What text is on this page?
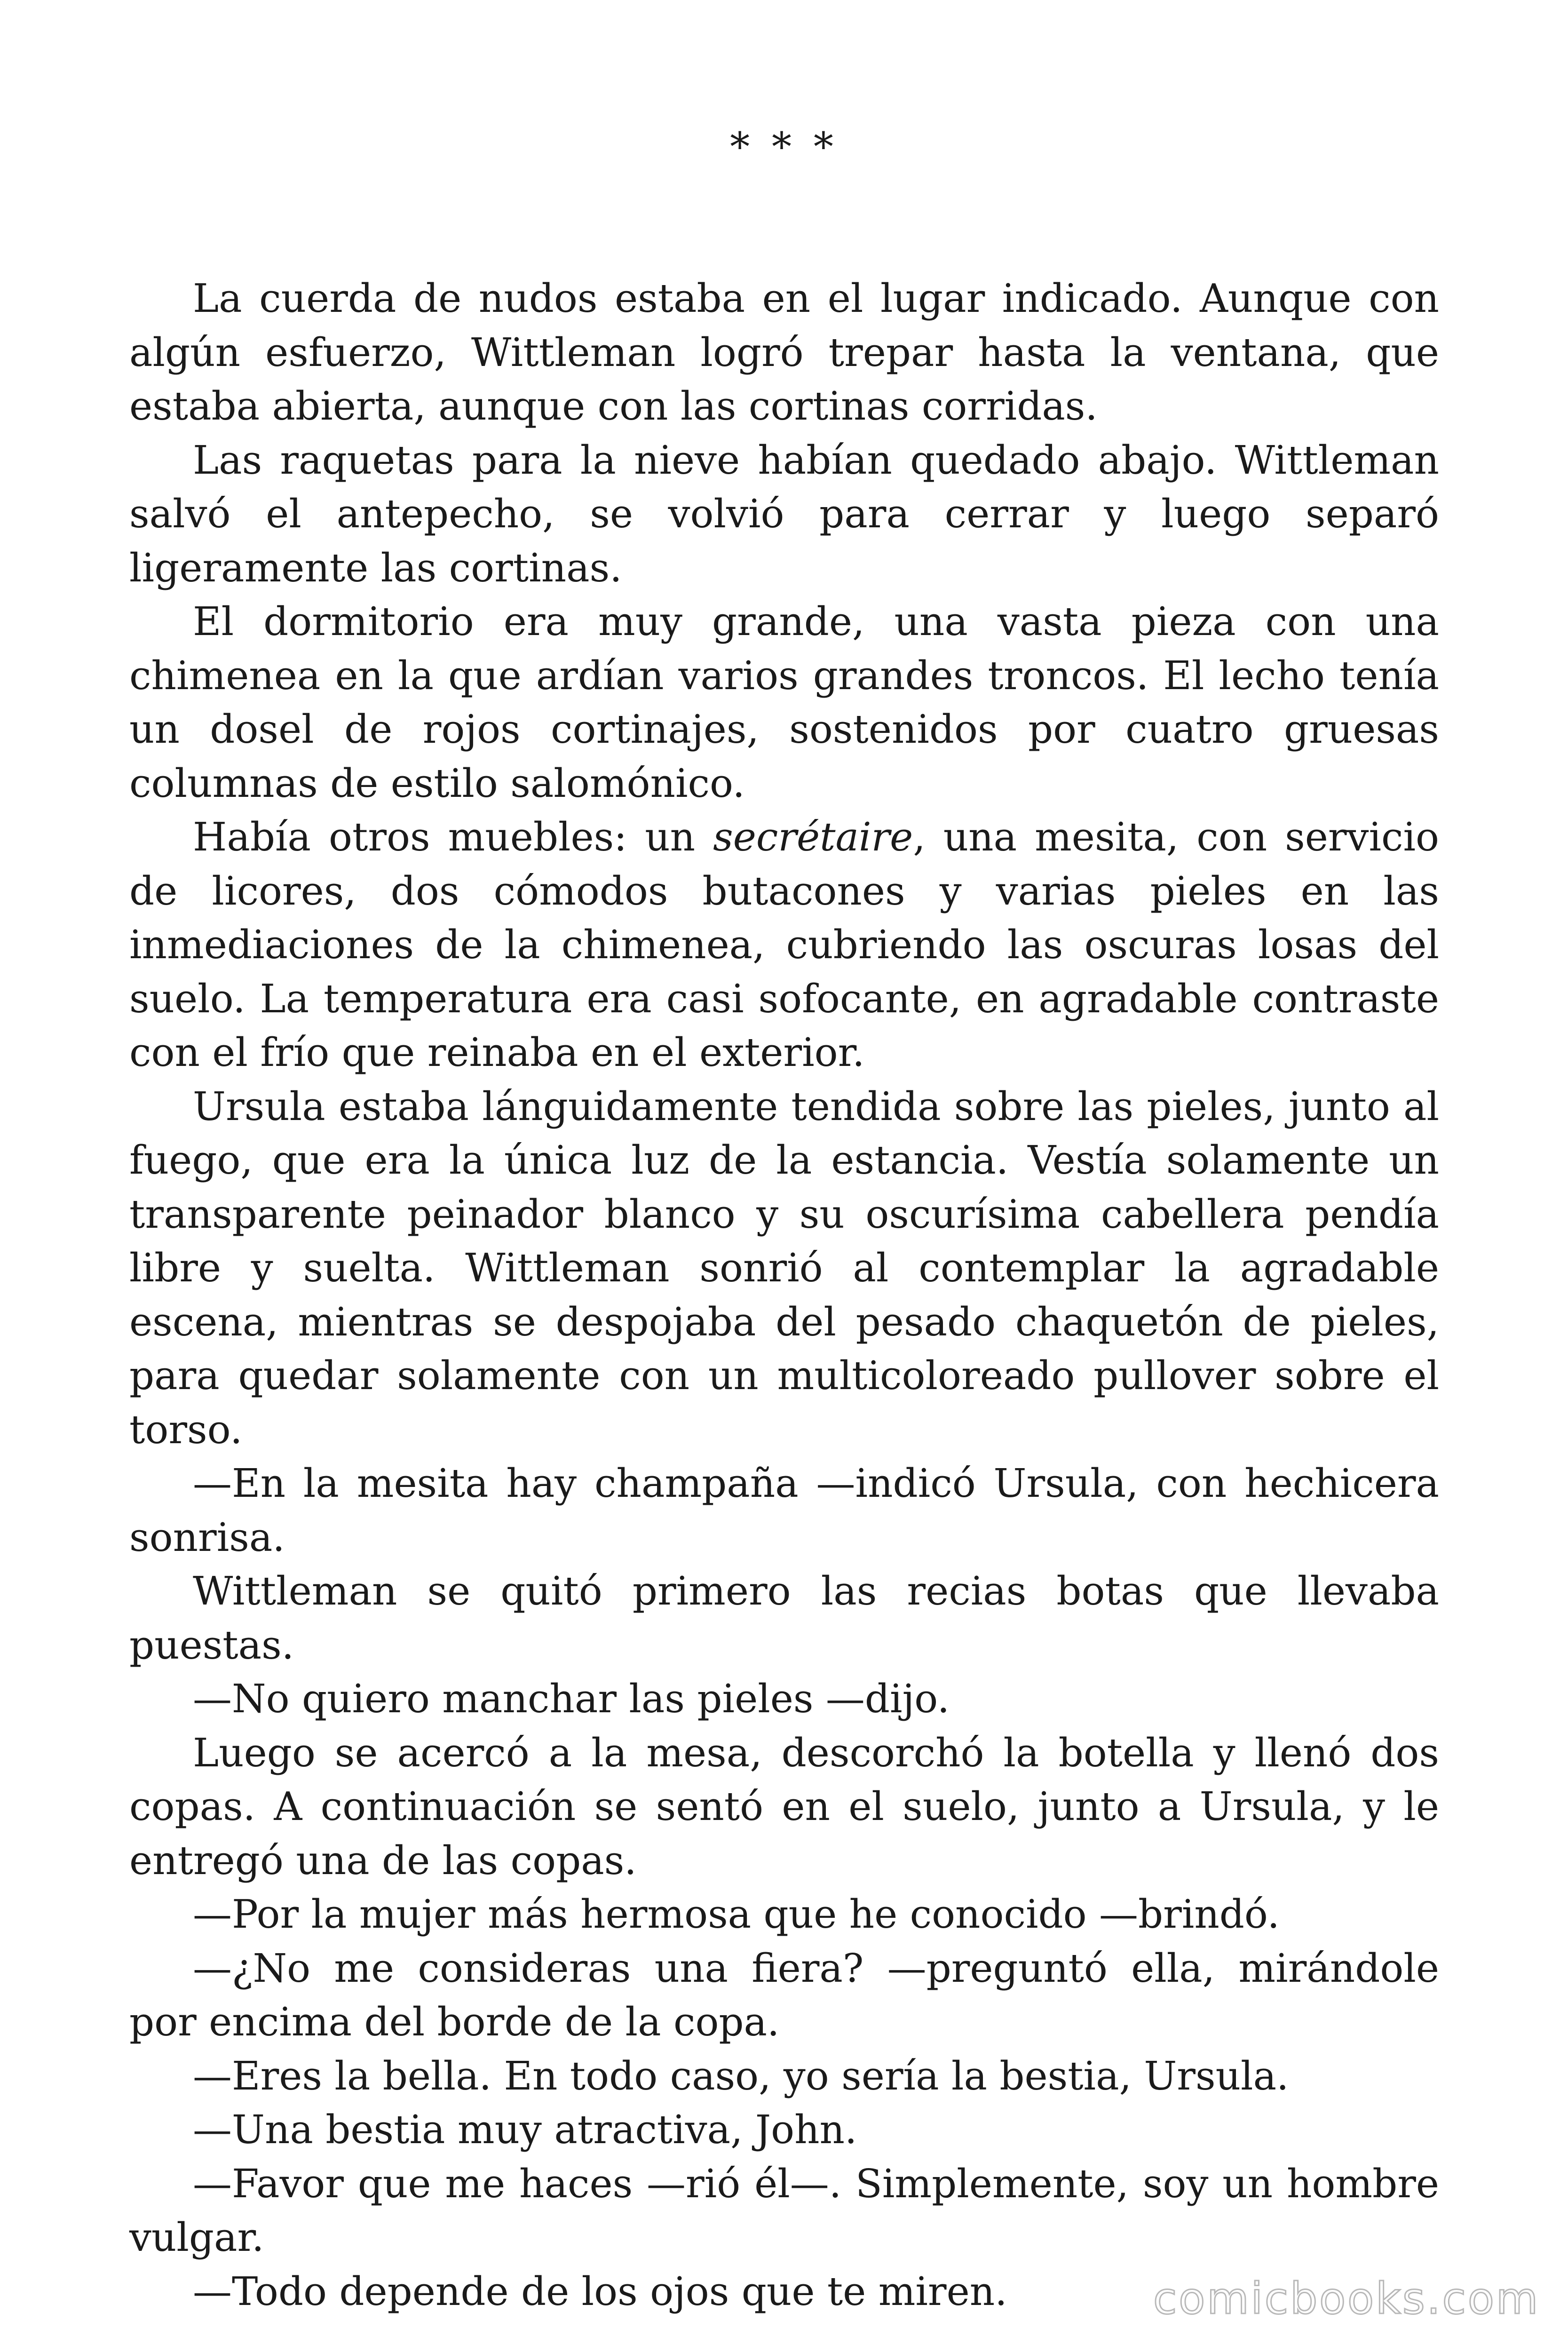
* * *

La cuerda de nudos estaba en el lugar indicado. Aunque con algún esfuerzo, Wittleman logró trepar hasta la ventana, que estaba abierta, aunque con las cortinas corridas.

Las raquetas para la nieve habían quedado abajo. Wittleman salvó el antepecho, se volvió para cerrar y luego separó ligeramente las cortinas.

El dormitorio era muy grande, una vasta pieza con una chimenea en la que ardían varios grandes troncos. El lecho tenía un dosel de rojos cortinajes, sostenidos por cuatro gruesas columnas de estilo salomónico.

Había otros muebles: un secrétaire, una mesita, con servicio de licores, dos cómodos butacones y varias pieles en las inmediaciones de la chimenea, cubriendo las oscuras losas del suelo. La temperatura era casi sofocante, en agradable contraste con el frío que reinaba en el exterior.

Ursula estaba lánguidamente tendida sobre las pieles, junto al fuego, que era la única luz de la estancia. Vestía solamente un transparente peinador blanco y su oscurísima cabellera pendía libre y suelta. Wittleman sonrió al contemplar la agradable escena, mientras se despojaba del pesado chaquetón de pieles, para quedar solamente con un multicoloreado pullover sobre el torso.

—En la mesita hay champaña —indicó Ursula, con hechicera sonrisa.

Wittleman se quitó primero las recias botas que llevaba puestas.

—No quiero manchar las pieles —dijo.

Luego se acercó a la mesa, descorchó la botella y llenó dos copas. A continuación se sentó en el suelo, junto a Ursula, y le entregó una de las copas.

—Por la mujer más hermosa que he conocido —brindó.

—¿No me consideras una fiera? —preguntó ella, mirándole por encima del borde de la copa.

—Eres la bella. En todo caso, yo sería la bestia, Ursula.

—Una bestia muy atractiva, John.

—Favor que me haces —rió él—. Simplemente, soy un hombre vulgar.

—Todo depende de los ojos que te miren.	comicbooks.com
